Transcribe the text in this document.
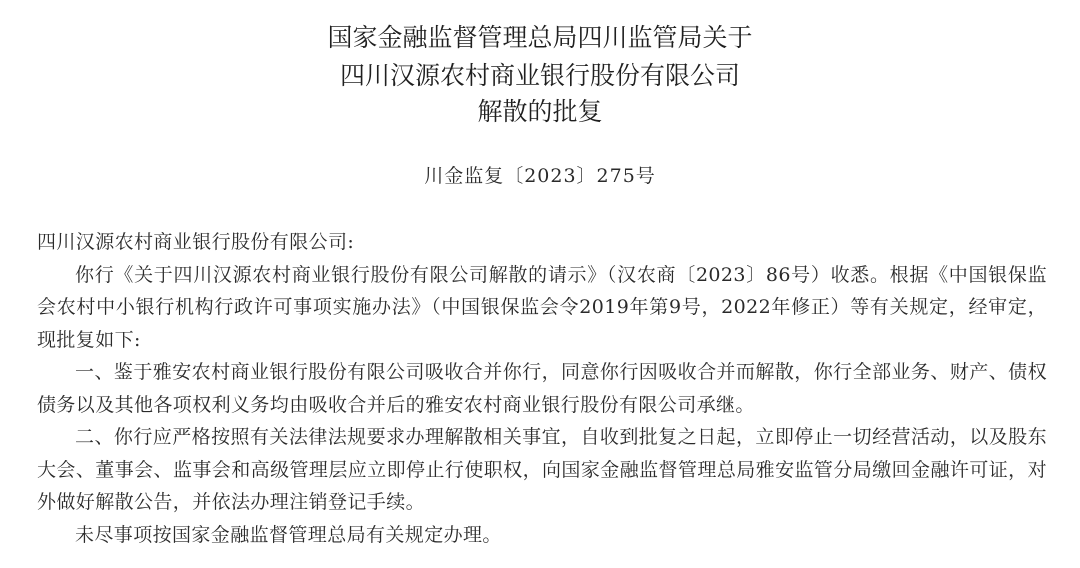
国家金融监督管理总局四川监管局关于
四川汉源农村商业银行股份有限公司
解散的批复
川金监复〔2023〕275号

四川汉源农村商业银行股份有限公司:

你行《关于四川汉源农村商业银行股份有限公司解散的请示》（汉农商〔2023〕86号）收悉。根据《中国银保监会农村中小银行机构行政许可事项实施办法》（中国银保监会令2019年第9号，2022年修正）等有关规定，经审定，现批复如下:

一、鉴于雅安农村商业银行股份有限公司吸收合并你行，同意你行因吸收合并而解散，你行全部业务、财产、债权债务以及其他各项权利义务均由吸收合并后的雅安农村商业银行股份有限公司承继。

二、你行应严格按照有关法律法规要求办理解散相关事宜，自收到批复之日起，立即停止一切经营活动，以及股东大会、董事会、监事会和高级管理层应立即停止行使职权，向国家金融监督管理总局雅安监管分局缴回金融许可证，对外做好解散公告，并依法办理注销登记手续。

未尽事项按国家金融监督管理总局有关规定办理。
